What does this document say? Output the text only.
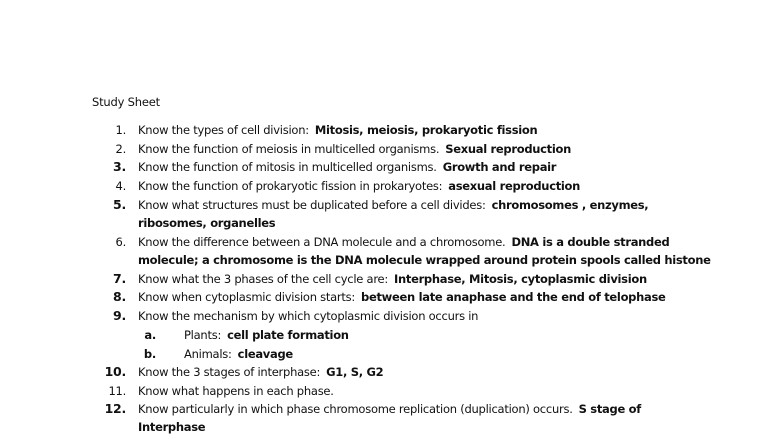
Study Sheet
1. Know the types of cell division: Mitosis, meiosis, prokaryotic fission
2. Know the function of meiosis in multicelled organisms. Sexual reproduction
3. Know the function of mitosis in multicelled organisms. Growth and repair
4. Know the function of prokaryotic fission in prokaryotes: asexual reproduction
5. Know what structures must be duplicated before a cell divides: chromosomes , enzymes,
ribosomes, organelles
6. Know the difference between a DNA molecule and a chromosome. DNA is a double stranded
molecule; a chromosome is the DNA molecule wrapped around protein spools called histone
7. Know what the 3 phases of the cell cycle are: Interphase, Mitosis, cytoplasmic division
8. Know when cytoplasmic division starts: between late anaphase and the end of telophase
9. Know the mechanism by which cytoplasmic division occurs in
a. Plants: cell plate formation
b. Animals: cleavage
10. Know the 3 stages of interphase: G1, S, G2
11. Know what happens in each phase.
12. Know particularly in which phase chromosome replication (duplication) occurs. S stage of
Interphase
